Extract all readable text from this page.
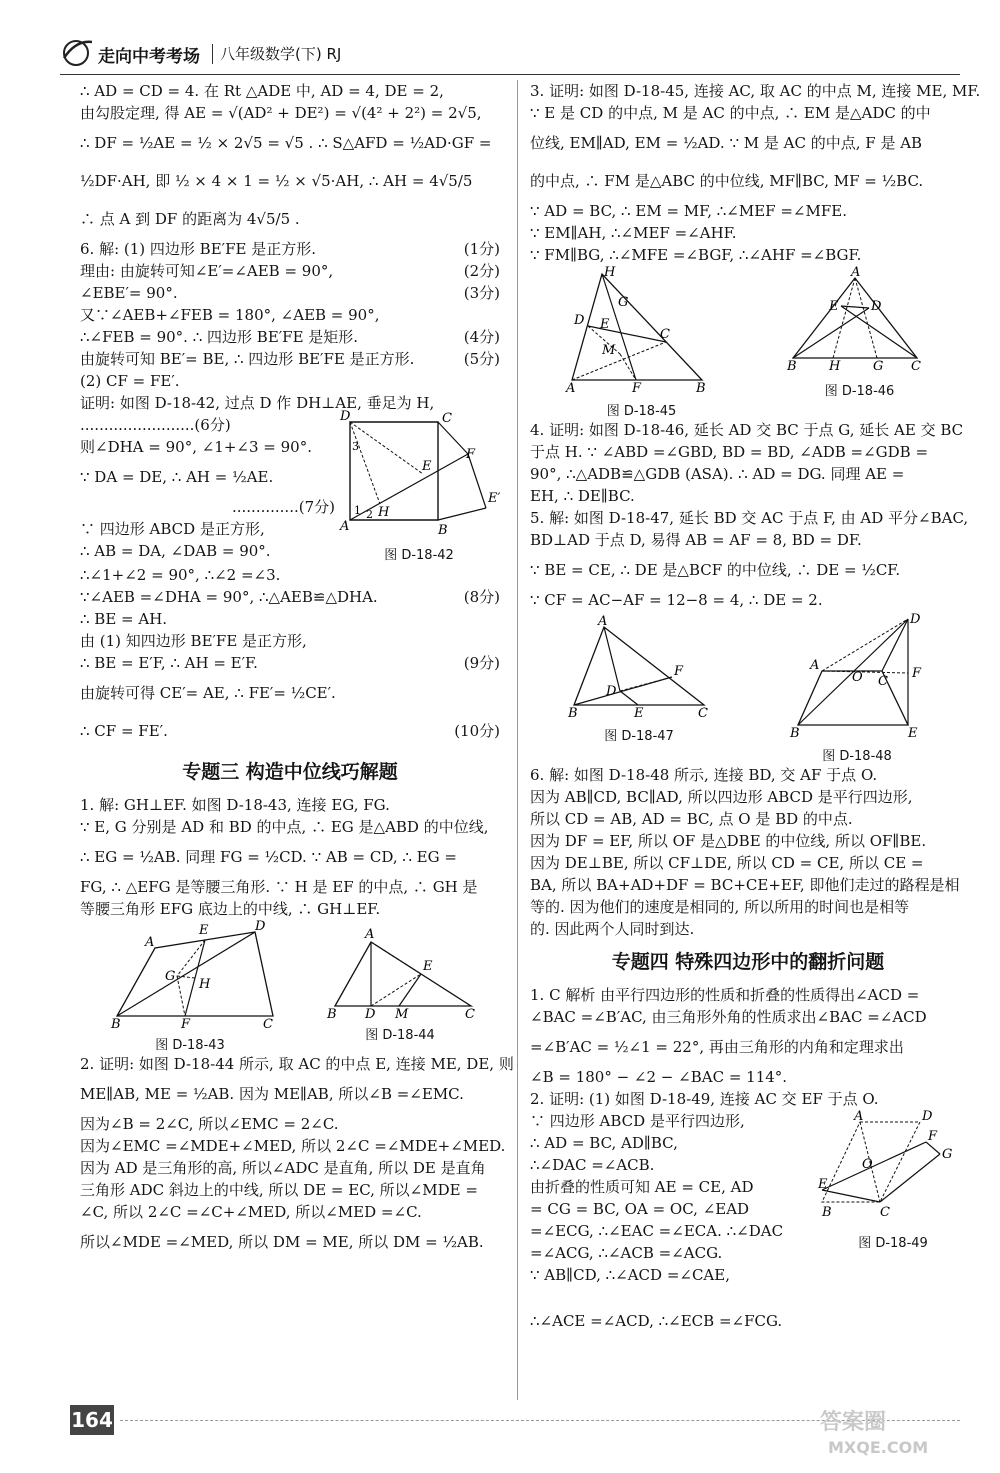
走向中考考场 八年级数学(下) RJ
∴ AD = CD = 4. 在 Rt △ADE 中, AD = 4, DE = 2,
由勾股定理, 得 AE = √(AD² + DE²) = √(4² + 2²) = 2√5,
∴ DF = ½AE = ½ × 2√5 = √5 . ∴ S△AFD = ½AD·GF =
½DF·AH, 即 ½ × 4 × 1 = ½ × √5·AH, ∴ AH = 4√5/5
∴ 点 A 到 DF 的距离为 4√5/5 .
6. 解: (1) 四边形 BE′FE 是正方形.	(1分)
理由: 由旋转可知∠E′=∠AEB = 90°,	(2分)
∠EBE′= 90°.	(3分)
又∵∠AEB+∠FEB = 180°, ∠AEB = 90°,
∴∠FEB = 90°. ∴ 四边形 BE′FE 是矩形.	(4分)
由旋转可知 BE′= BE, ∴ 四边形 BE′FE 是正方形.	(5分)
(2) CF = FE′.
证明: 如图 D-18-42, 过点 D 作 DH⊥AE, 垂足为 H,
........................(6分)
则∠DHA = 90°, ∠1+∠3 = 90°.
∵ DA = DE, ∴ AH = ½AE.
..............(7分)
∵ 四边形 ABCD 是正方形,
∴ AB = DA, ∠DAB = 90°.
D	C
A	B
E
F
H
E′
3
1 2
图 D-18-42
∴∠1+∠2 = 90°, ∴∠2 =∠3.
∵∠AEB =∠DHA = 90°, ∴△AEB≌△DHA.	(8分)
∴ BE = AH.
由 (1) 知四边形 BE′FE 是正方形,
∴ BE = E′F, ∴ AH = E′F.	(9分)
由旋转可得 CE′= AE, ∴ FE′= ½CE′.
∴ CF = FE′.	(10分)
专题三 构造中位线巧解题
1. 解: GH⊥EF. 如图 D-18-43, 连接 EG, FG.
∵ E, G 分别是 AD 和 BD 的中点, ∴ EG 是△ABD 的中位线,
∴ EG = ½AB. 同理 FG = ½CD. ∵ AB = CD, ∴ EG =
FG, ∴ △EFG 是等腰三角形. ∵ H 是 EF 的中点, ∴ GH 是
等腰三角形 EFG 底边上的中线, ∴ GH⊥EF.
A
E	D
G
H
B	F	C
图 D-18-43
A
E
B D M	C
图 D-18-44
2. 证明: 如图 D-18-44 所示, 取 AC 的中点 E, 连接 ME, DE, 则
ME∥AB, ME = ½AB. 因为 ME∥AB, 所以∠B =∠EMC.
因为∠B = 2∠C, 所以∠EMC = 2∠C.
因为∠EMC =∠MDE+∠MED, 所以 2∠C =∠MDE+∠MED.
因为 AD 是三角形的高, 所以∠ADC 是直角, 所以 DE 是直角
三角形 ADC 斜边上的中线, 所以 DE = EC, 所以∠MDE =
∠C, 所以 2∠C =∠C+∠MED, 所以∠MED =∠C.
所以∠MDE =∠MED, 所以 DM = ME, 所以 DM = ½AB.
3. 证明: 如图 D-18-45, 连接 AC, 取 AC 的中点 M, 连接 ME, MF.
∵ E 是 CD 的中点, M 是 AC 的中点, ∴ EM 是△ADC 的中
位线, EM∥AD, EM = ½AD. ∵ M 是 AC 的中点, F 是 AB
的中点, ∴ FM 是△ABC 的中位线, MF∥BC, MF = ½BC.
∵ AD = BC, ∴ EM = MF, ∴∠MEF =∠MFE.
∵ EM∥AH, ∴∠MEF =∠AHF.
∵ FM∥BG, ∴∠MFE =∠BGF, ∴∠AHF =∠BGF.
H
G
D E
C
M
A	F	B
图 D-18-45
A
E	D
B H	G C
图 D-18-46
4. 证明: 如图 D-18-46, 延长 AD 交 BC 于点 G, 延长 AE 交 BC
于点 H. ∵ ∠ABD =∠GBD, BD = BD, ∠ADB =∠GDB =
90°, ∴△ADB≌△GDB (ASA). ∴ AD = DG. 同理 AE =
EH, ∴ DE∥BC.
5. 解: 如图 D-18-47, 延长 BD 交 AC 于点 F, 由 AD 平分∠BAC,
BD⊥AD 于点 D, 易得 AB = AF = 8, BD = DF.
∵ BE = CE, ∴ DE 是△BCF 的中位线, ∴ DE = ½CF.
∵ CF = AC−AF = 12−8 = 4, ∴ DE = 2.
A
D
F
B	E	C
图 D-18-47
D
A
O C
F
B	E
图 D-18-48
6. 解: 如图 D-18-48 所示, 连接 BD, 交 AF 于点 O.
因为 AB∥CD, BC∥AD, 所以四边形 ABCD 是平行四边形,
所以 CD = AB, AD = BC, 点 O 是 BD 的中点.
因为 DF = EF, 所以 OF 是△DBE 的中位线, 所以 OF∥BE.
因为 DE⊥BE, 所以 CF⊥DE, 所以 CD = CE, 所以 CE =
BA, 所以 BA+AD+DF = BC+CE+EF, 即他们走过的路程是相
等的. 因为他们的速度是相同的, 所以所用的时间也是相等
的. 因此两个人同时到达.
专题四 特殊四边形中的翻折问题
1. C 解析 由平行四边形的性质和折叠的性质得出∠ACD =
∠BAC =∠B′AC, 由三角形外角的性质求出∠BAC =∠ACD
=∠B′AC = ½∠1 = 22°, 再由三角形的内角和定理求出
∠B = 180° − ∠2 − ∠BAC = 114°.
2. 证明: (1) 如图 D-18-49, 连接 AC 交 EF 于点 O.
∵ 四边形 ABCD 是平行四边形,
∴ AD = BC, AD∥BC,
∴∠DAC =∠ACB.
由折叠的性质可知 AE = CE, AD
= CG = BC, OA = OC, ∠EAD
=∠ECG, ∴∠EAC =∠ECA. ∴∠DAC
=∠ACG, ∴∠ACB =∠ACG.
∵ AB∥CD, ∴∠ACD =∠CAE,
A	D
F
G
O
E
B	C
图 D-18-49
∴∠ACE =∠ACD, ∴∠ECB =∠FCG.
164	答案圈
MXQE.COM
